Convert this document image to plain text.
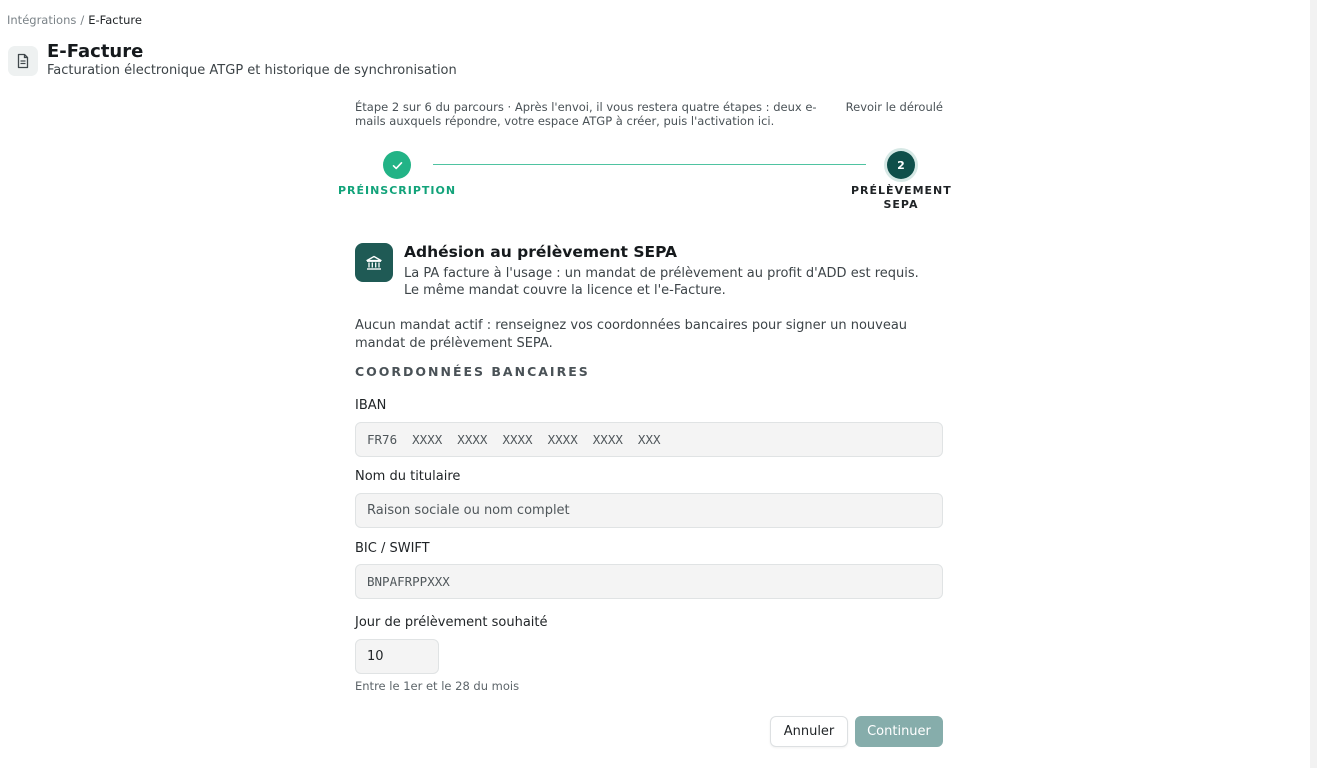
Intégrations / E-Facture
E-Facture
Facturation électronique ATGP et historique de synchronisation
Étape 2 sur 6 du parcours · Après l'envoi, il vous restera quatre étapes : deux e-mails auxquels répondre, votre espace ATGP à créer, puis l'activation ici.
Revoir le déroulé
PRÉINSCRIPTION
2
PRÉLÈVEMENT SEPA
Adhésion au prélèvement SEPA
La PA facture à l'usage : un mandat de prélèvement au profit d'ADD est requis. Le même mandat couvre la licence et l'e-Facture.
Aucun mandat actif : renseignez vos coordonnées bancaires pour signer un nouveau mandat de prélèvement SEPA.
COORDONNÉES BANCAIRES
IBAN
FR76 XXXX XXXX XXXX XXXX XXXX XXX
Nom du titulaire
Raison sociale ou nom complet
BIC / SWIFT
BNPAFRPPXXX
Jour de prélèvement souhaité
10
Entre le 1er et le 28 du mois
Annuler	Continuer
